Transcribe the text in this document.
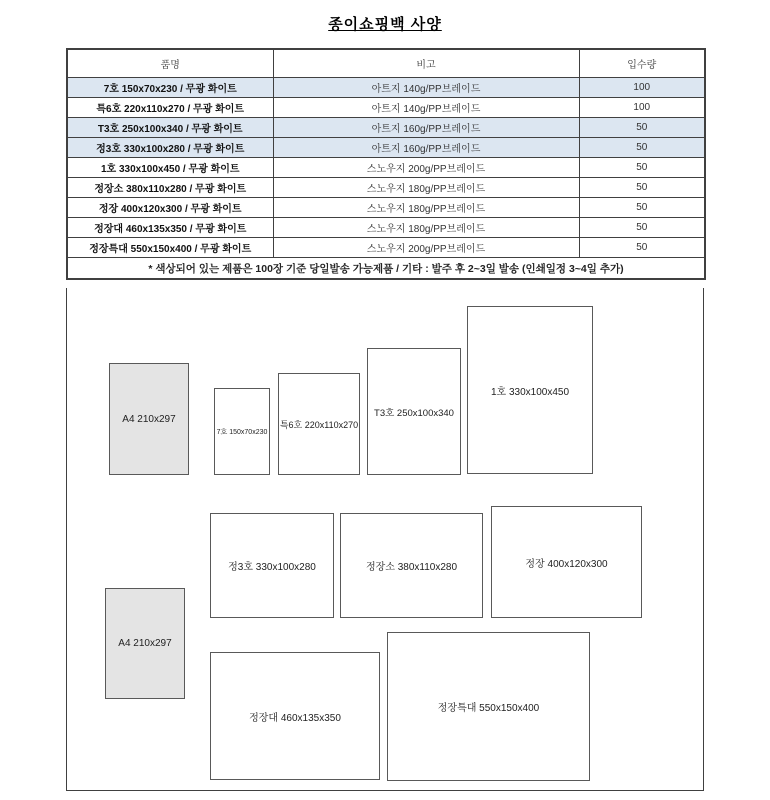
종이쇼핑백 사양
품명	비고	입수량
7호 150x70x230 / 무광 화이트	아트지 140g/PP브레이드	100
특6호 220x110x270 / 무광 화이트	아트지 140g/PP브레이드	100
T3호 250x100x340 / 무광 화이트	아트지 160g/PP브레이드	50
정3호 330x100x280 / 무광 화이트	아트지 160g/PP브레이드	50
1호 330x100x450 / 무광 화이트	스노우지 200g/PP브레이드	50
정장소 380x110x280 / 무광 화이트	스노우지 180g/PP브레이드	50
정장 400x120x300 / 무광 화이트	스노우지 180g/PP브레이드	50
정장대 460x135x350 / 무광 화이트	스노우지 180g/PP브레이드	50
정장특대 550x150x400 / 무광 화이트	스노우지 200g/PP브레이드	50
* 색상되어 있는 제품은 100장 기준 당일발송 가능제품 / 기타 : 발주 후 2~3일 발송 (인쇄일정 3~4일 추가)		
A4 210x297
7호 150x70x230
특6호 220x110x270
T3호 250x100x340
1호 330x100x450
정3호 330x100x280	정장소 380x110x280	정장 400x120x300
A4 210x297
정장대 460x135x350
정장특대 550x150x400
